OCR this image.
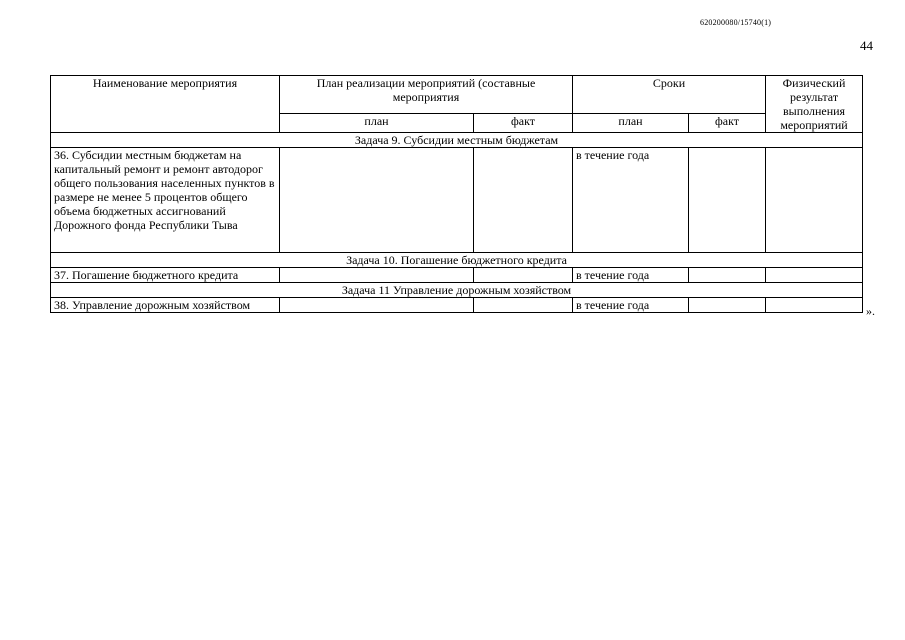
620200080/15740(1)
44
Наименование мероприятия	План реализации мероприятий (составные мероприятия		Сроки		Физический результат выполнения мероприятий
	план	факт	план	факт	
Задача 9. Субсидии местным бюджетам					
36. Субсидии местным бюджетам на капитальный ремонт и ремонт автодорог общего пользования населенных пунктов в размере не менее 5 процентов общего объема бюджетных ассигнований Дорожного фонда Республики Тыва			в течение года		
Задача 10. Погашение бюджетного кредита					
37. Погашение бюджетного кредита			в течение года		
Задача 11 Управление дорожным хозяйством					
38. Управление дорожным хозяйством			в течение года			».
